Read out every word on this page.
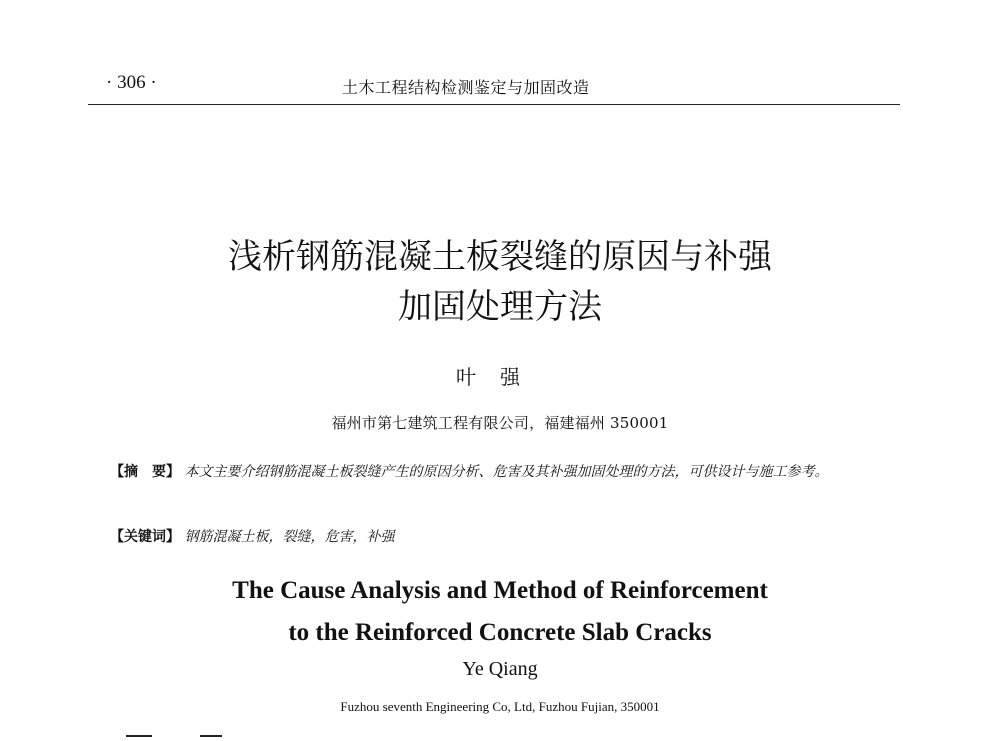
· 306 ·	土木工程结构检测鉴定与加固改造
浅析钢筋混凝土板裂缝的原因与补强
加固处理方法
叶强
福州市第七建筑工程有限公司，福建福州 350001
【摘　要】 本文主要介绍钢筋混凝土板裂缝产生的原因分析、危害及其补强加固处理的方法，可供设计与施工参考。
【关键词】 钢筋混凝土板，裂缝，危害，补强
The Cause Analysis and Method of Reinforcement
to the Reinforced Concrete Slab Cracks
Ye Qiang
Fuzhou seventh Engineering Co, Ltd, Fuzhou Fujian, 350001
